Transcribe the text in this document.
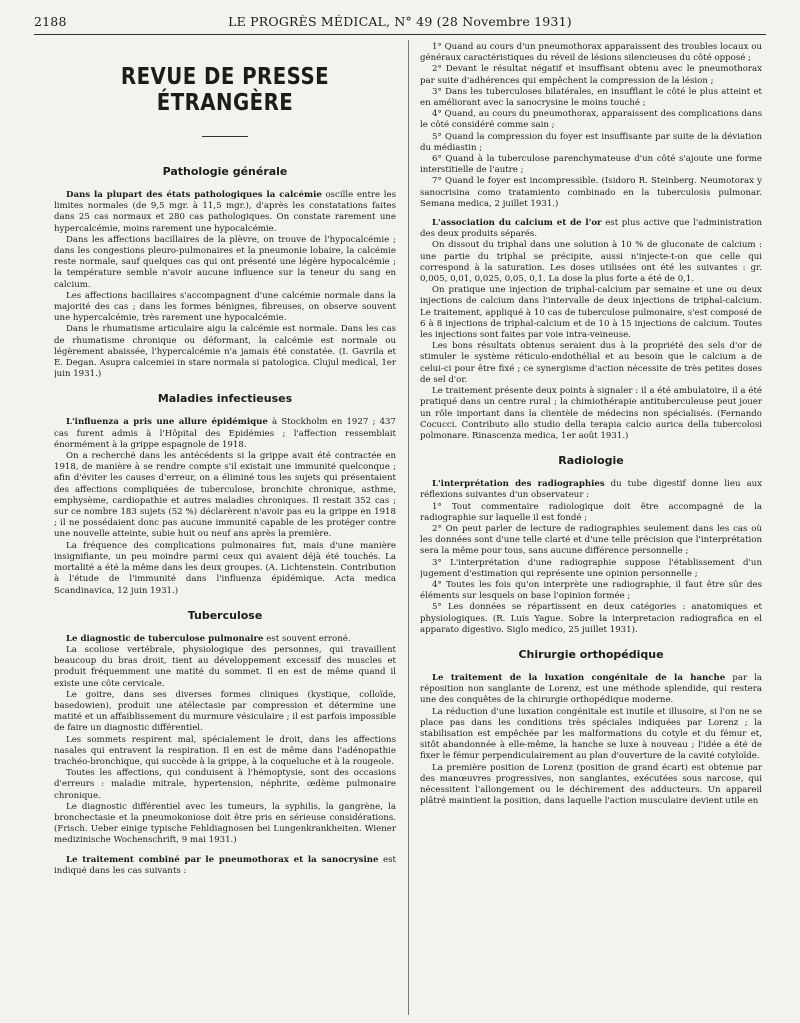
2188	LE PROGRÈS MÉDICAL, N° 49 (28 Novembre 1931)
REVUE DE PRESSE ÉTRANGÈRE
Pathologie générale

Dans la plupart des états pathologiques la calcémie oscille entre les limites normales (de 9,5 mgr. à 11,5 mgr.), d'après les constatations faites dans 25 cas normaux et 280 cas pathologiques. On constate rarement une hypercalcémie, moins rarement une hypocalcémie.

Dans les affections bacillaires de la plèvre, on trouve de l'hypocalcémie ; dans les congestions pleuro-pulmonaires et la pneumonie lobaire, la calcémie reste normale, sauf quelques cas qui ont présenté une légère hypocalcémie ; la température semble n'avoir aucune influence sur la teneur du sang en calcium.

Les affections bacillaires s'accompagnent d'une calcémie normale dans la majorité des cas ; dans les formes bénignes, fibreuses, on observe souvent une hypercalcémie, très rarement une hypocalcémie.

Dans le rhumatisme articulaire aigu la calcémie est normale. Dans les cas de rhumatisme chronique ou déformant, la calcémie est normale ou légèrement abaissée, l'hypercalcémie n'a jamais été constatée. (I. Gavrila et E. Degan. Asupra calcemiei in stare normala si patologica. Clujul medical, 1er juin 1931.)

Maladies infectieuses

L'influenza a pris une allure épidémique à Stockholm en 1927 ; 437 cas furent admis à l'Hôpital des Epidémies ; l'affection ressemblait énormément à la grippe espagnole de 1918.

On a recherché dans les antécédents si la grippe avait été contractée en 1918, de manière à se rendre compte s'il existait une immunité quelconque ; afin d'éviter les causes d'erreur, on a éliminé tous les sujets qui présentaient des affections compliquées de tuberculose, bronchite chronique, asthme, emphysème, cardiopathie et autres maladies chroniques. Il restait 352 cas ; sur ce nombre 183 sujets (52 %) déclarèrent n'avoir pas eu la grippe en 1918 ; il ne possédaient donc pas aucune immunité capable de les protéger contre une nouvelle atteinte, subie huit ou neuf ans après la première.

La fréquence des complications pulmonaires fut, mais d'une manière insignifiante, un peu moindre parmi ceux qui avaient déjà été touchés. La mortalité a été la même dans les deux groupes. (A. Lichtenstein. Contribution à l'étude de l'immunité dans l'influenza épidémique. Acta medica Scandinavica, 12 juin 1931.)

Tuberculose

Le diagnostic de tuberculose pulmonaire est souvent erroné.

La scoliose vertébrale, physiologique des personnes, qui travaillent beaucoup du bras droit, tient au développement excessif des muscles et produit fréquemment une matité du sommet. Il en est de même quand il existe une côte cervicale.

Le goitre, dans ses diverses formes cliniques (kystique, colloïde, basedowien), produit une atélectasie par compression et détermine une matité et un affaiblissement du murmure vésiculaire ; il est parfois impossible de faire un diagnostic différentiel.

Les sommets respirent mal, spécialement le droit, dans les affections nasales qui entravent la respiration. Il en est de même dans l'adénopathie trachéo-bronchique, qui succède à la grippe, à la coqueluche et à la rougeole.

Toutes les affections, qui conduisent à l'hémoptysie, sont des occasions d'erreurs : maladie mitrale, hypertension, néphrite, œdème pulmonaire chronique.

Le diagnostic différentiel avec les tumeurs, la syphilis, la gangrène, la bronchectasie et la pneumokoniose doit être pris en sérieuse considérations. (Frisch. Ueber einige typische Fehldiagnosen bei Lungenkrankheiten. Wiener medizinische Wochenschrift, 9 mai 1931.)

Le traitement combiné par le pneumothorax et la sanocrysine est indiqué dans les cas suivants :

1° Quand au cours d'un pneumothorax apparaissent des troubles locaux ou généraux caractéristiques du réveil de lésions silencieuses du côté opposé ;

2° Devant le résultat négatif et insuffisant obtenu avec le pneumothorax par suite d'adhérences qui empêchent la compression de la lésion ;

3° Dans les tuberculoses bilatérales, en insufflant le côté le plus atteint et en améliorant avec la sanocrysine le moins touché ;

4° Quand, au cours du pneumothorax, apparaissent des complications dans le côté considéré comme sain ;

5° Quand la compression du foyer est insuffisante par suite de la déviation du médiastin ;

6° Quand à la tuberculose parenchymateuse d'un côté s'ajoute une forme interstitielle de l'autre ;

7° Quand le foyer est incompressible. (Isidoro R. Steinberg. Neumotorax y sanocrisina como tratamiento combinado en la tuberculosis pulmonar. Semana medica, 2 juillet 1931.)

L'association du calcium et de l'or est plus active que l'administration des deux produits séparés.

On dissout du triphal dans une solution à 10 % de gluconate de calcium : une partie du triphal se précipite, aussi n'injecte-t-on que celle qui correspond à la saturation. Les doses utilisées ont été les suivantes : gr. 0,005, 0,01, 0,025, 0,05, 0,1. La dose la plus forte a été de 0,1.

On pratique une injection de triphal-calcium par semaine et une ou deux injections de calcium dans l'intervalle de deux injections de triphal-calcium. Le traitement, appliqué à 10 cas de tuberculose pulmonaire, s'est composé de 6 à 8 injections de triphal-calcium et de 10 à 15 injections de calcium. Toutes les injections sont faites par voie intra-veineuse.

Les bons résultats obtenus seraient dus à la propriété des sels d'or de stimuler le système réticulo-endothélial et au besoin que le calcium a de celui-ci pour être fixé ; ce synergisme d'action nécessite de très petites doses de sel d'or.

Le traitement présente deux points à signaler : il a été ambulatoire, il a été pratiqué dans un centre rural ; la chimiothérapie antituberculeuse peut jouer un rôle important dans la clientèle de médecins non spécialisés. (Fernando Cocucci. Contributo allo studio della terapia calcio aurica della tubercolosi polmonare. Rinascenza medica, 1er août 1931.)

Radiologie

L'interprétation des radiographies du tube digestif donne lieu aux réflexions suivantes d'un observateur :

1° Tout commentaire radiologique doit être accompagné de la radiographie sur laquelle il est fondé ;

2° On peut parler de lecture de radiographies seulement dans les cas où les données sont d'une telle clarté et d'une telle précision que l'interprétation sera la même pour tous, sans aucune différence personnelle ;

3° L'interprétation d'une radiographie suppose l'établissement d'un jugement d'estimation qui représente une opinion personnelle ;

4° Toutes les fois qu'on interprète une radiographie, il faut être sûr des éléments sur lesquels on base l'opinion formée ;

5° Les données se répartissent en deux catégories : anatomiques et physiologiques. (R. Luis Yague. Sobre la interpretacion radiografica en el apparato digestivo. Siglo medico, 25 juillet 1931).

Chirurgie orthopédique

Le traitement de la luxation congénitale de la hanche par la réposition non sanglante de Lorenz, est une méthode splendide, qui restera une des conquêtes de la chirurgie orthopédique moderne.

La réduction d'une luxation congénitale est inutile et illusoire, si l'on ne se place pas dans les conditions très spéciales indiquées par Lorenz ; la stabilisation est empêchée par les malformations du cotyle et du fémur et, sitôt abandonnée à elle-même, la hanche se luxe à nouveau ; l'idée a été de fixer le fémur perpendiculairement au plan d'ouverture de la cavité cotyloïde.

La première position de Lorenz (position de grand écart) est obtenue par des manœuvres progressives, non sanglantes, exécutées sous narcose, qui nécessitent l'allongement ou le déchirement des adducteurs. Un appareil plâtré maintient la position, dans laquelle l'action musculaire devient utile en
